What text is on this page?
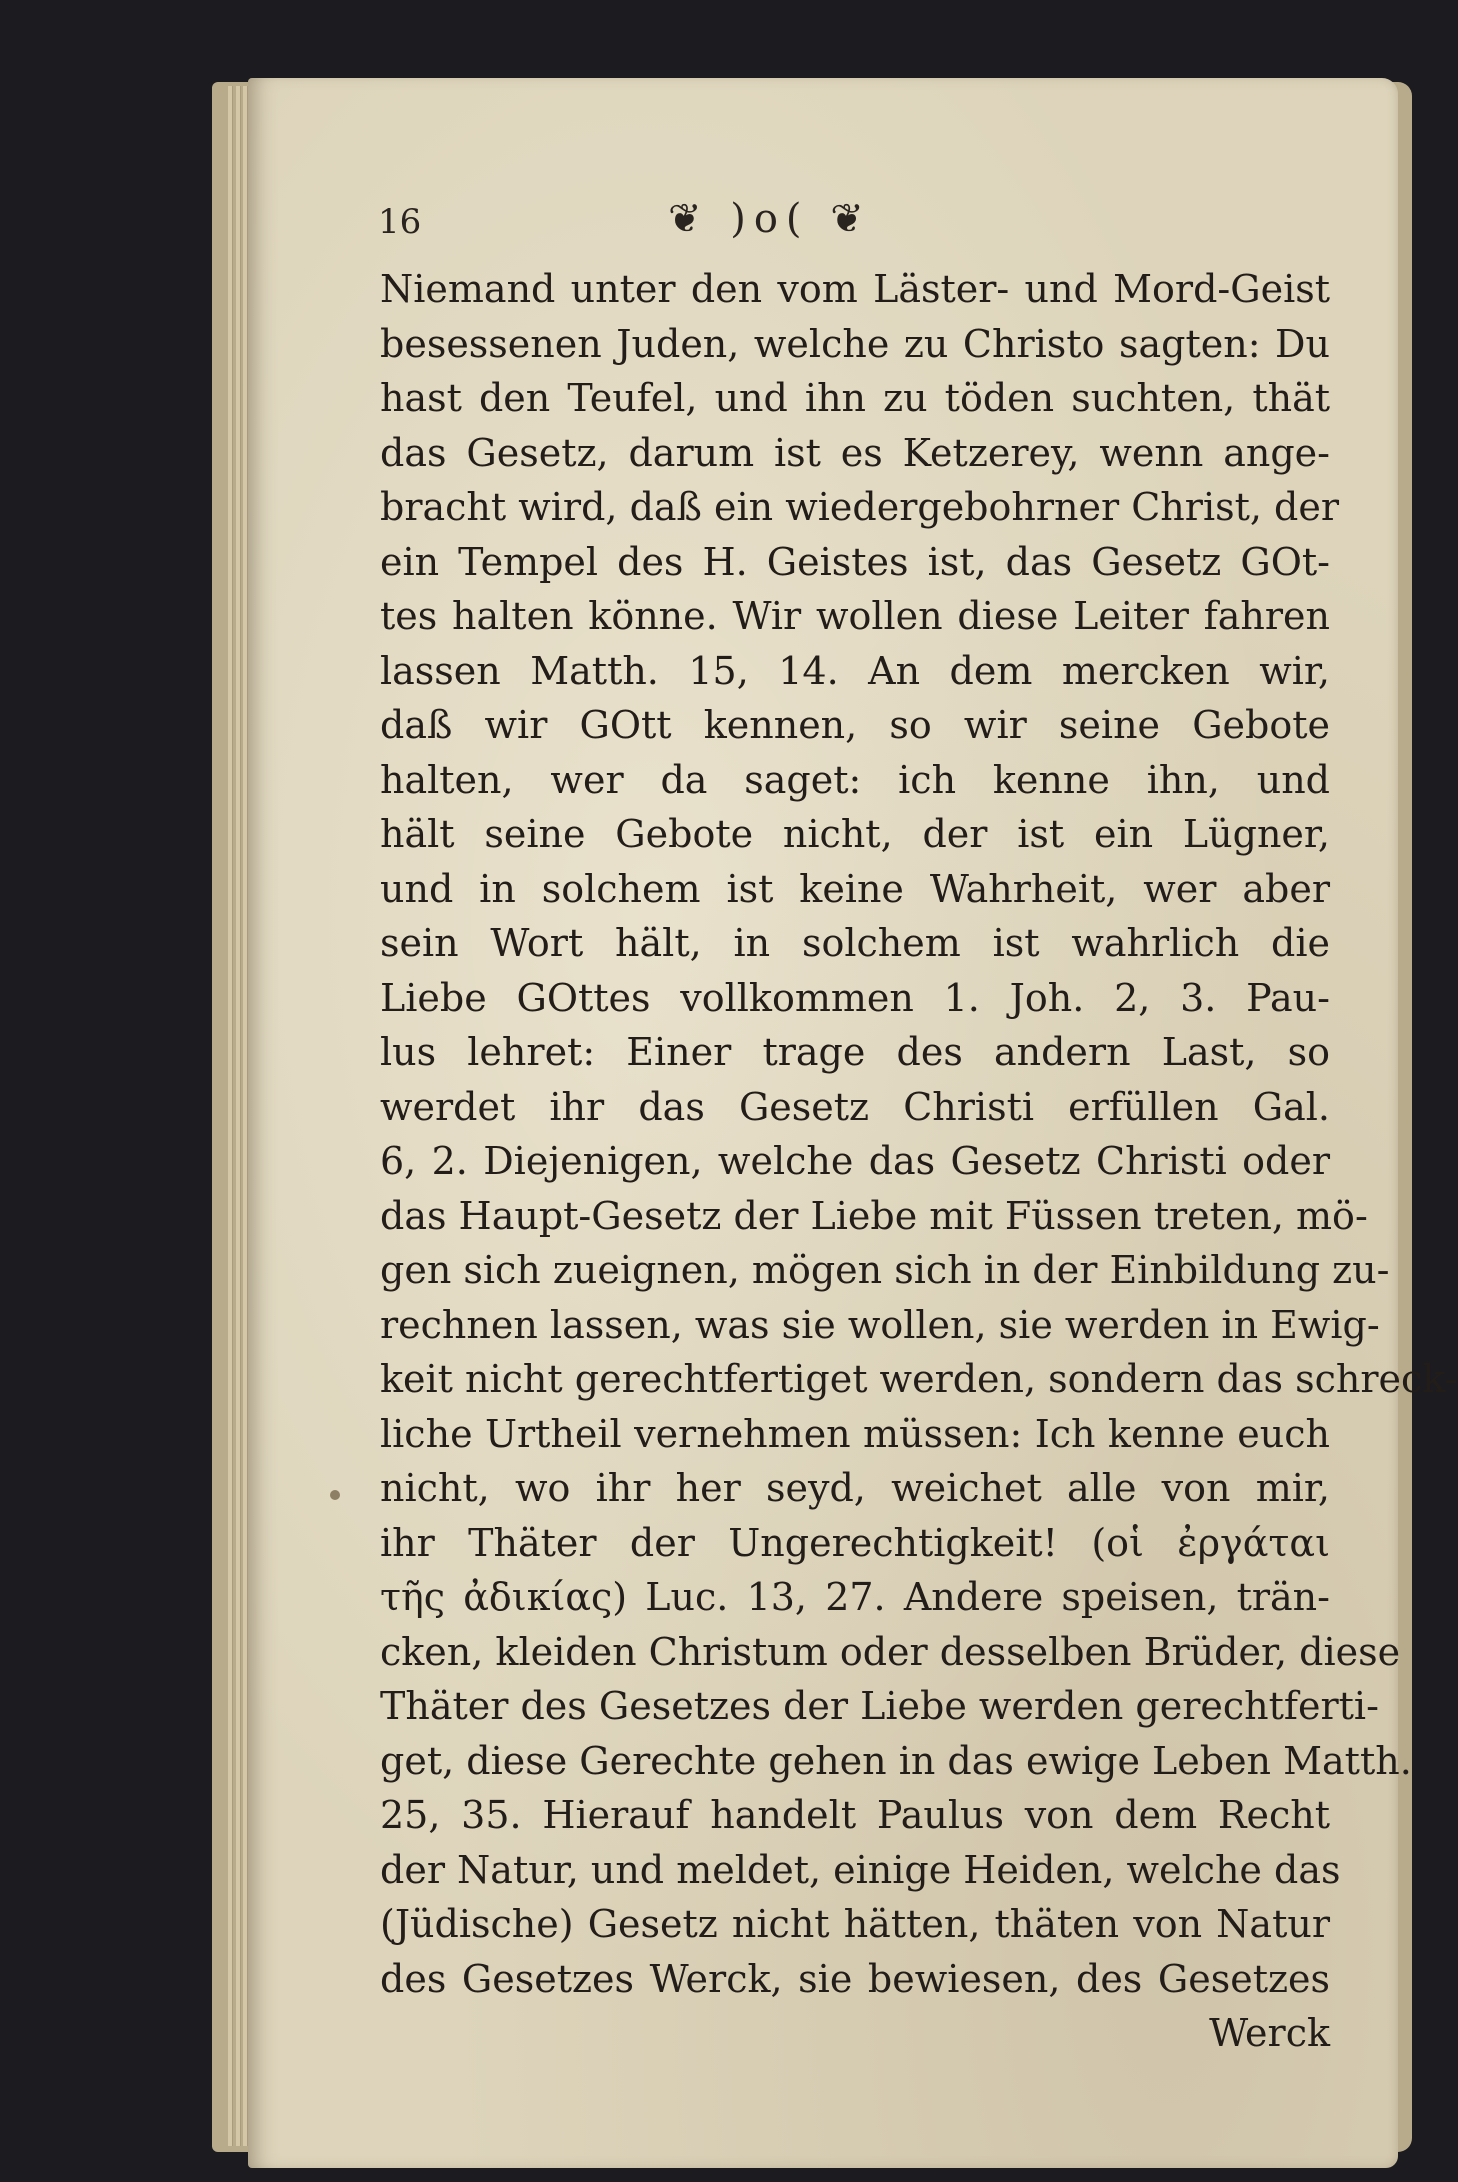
16	❦ )o( ❦
Niemand unter den vom Läster- und Mord-Geist
besessenen Juden, welche zu Christo sagten: Du
hast den Teufel, und ihn zu töden suchten, thät
das Gesetz, darum ist es Ketzerey, wenn ange-
bracht wird, daß ein wiedergebohrner Christ, der
ein Tempel des H. Geistes ist, das Gesetz GOt-
tes halten könne. Wir wollen diese Leiter fahren
lassen Matth. 15, 14. An dem mercken wir,
daß wir GOtt kennen, so wir seine Gebote
halten, wer da saget: ich kenne ihn, und
hält seine Gebote nicht, der ist ein Lügner,
und in solchem ist keine Wahrheit, wer aber
sein Wort hält, in solchem ist wahrlich die
Liebe GOttes vollkommen 1. Joh. 2, 3. Pau-
lus lehret: Einer trage des andern Last, so
werdet ihr das Gesetz Christi erfüllen Gal.
6, 2. Diejenigen, welche das Gesetz Christi oder
das Haupt-Gesetz der Liebe mit Füssen treten, mö-
gen sich zueignen, mögen sich in der Einbildung zu-
rechnen lassen, was sie wollen, sie werden in Ewig-
keit nicht gerechtfertiget werden, sondern das schreck-
liche Urtheil vernehmen müssen: Ich kenne euch
nicht, wo ihr her seyd, weichet alle von mir,
ihr Thäter der Ungerechtigkeit! (οἱ ἐργάται
τῆς ἀδικίας) Luc. 13, 27. Andere speisen, trän-
cken, kleiden Christum oder desselben Brüder, diese
Thäter des Gesetzes der Liebe werden gerechtferti-
get, diese Gerechte gehen in das ewige Leben Matth.
25, 35. Hierauf handelt Paulus von dem Recht
der Natur, und meldet, einige Heiden, welche das
(Jüdische) Gesetz nicht hätten, thäten von Natur
des Gesetzes Werck, sie bewiesen, des Gesetzes
Werck
